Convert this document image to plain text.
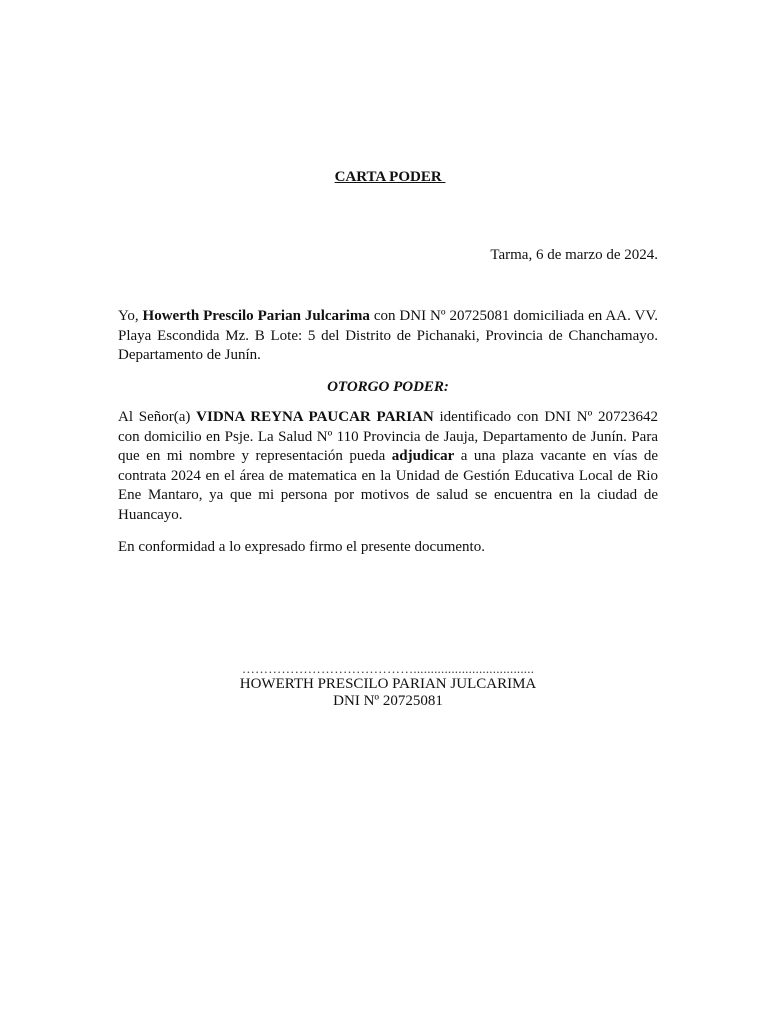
CARTA PODER
Tarma, 6 de marzo de 2024.
Yo, Howerth Prescilo Parian Julcarima con DNI Nº 20725081 domiciliada en AA. VV. Playa Escondida Mz. B Lote: 5 del Distrito de Pichanaki, Provincia de Chanchamayo. Departamento de Junín.
OTORGO PODER:
Al Señor(a) VIDNA REYNA PAUCAR PARIAN identificado con DNI Nº 20723642 con domicilio en Psje. La Salud Nº 110 Provincia de Jauja, Departamento de Junín. Para que en mi nombre y representación pueda adjudicar a una plaza vacante en vías de contrata 2024 en el área de matematica en la Unidad de Gestión Educativa Local de Rio Ene Mantaro, ya que mi persona por motivos de salud se encuentra en la ciudad de Huancayo.
En conformidad a lo expresado firmo el presente documento.
…………………………………...................................
HOWERTH PRESCILO PARIAN JULCARIMA
DNI Nº 20725081
